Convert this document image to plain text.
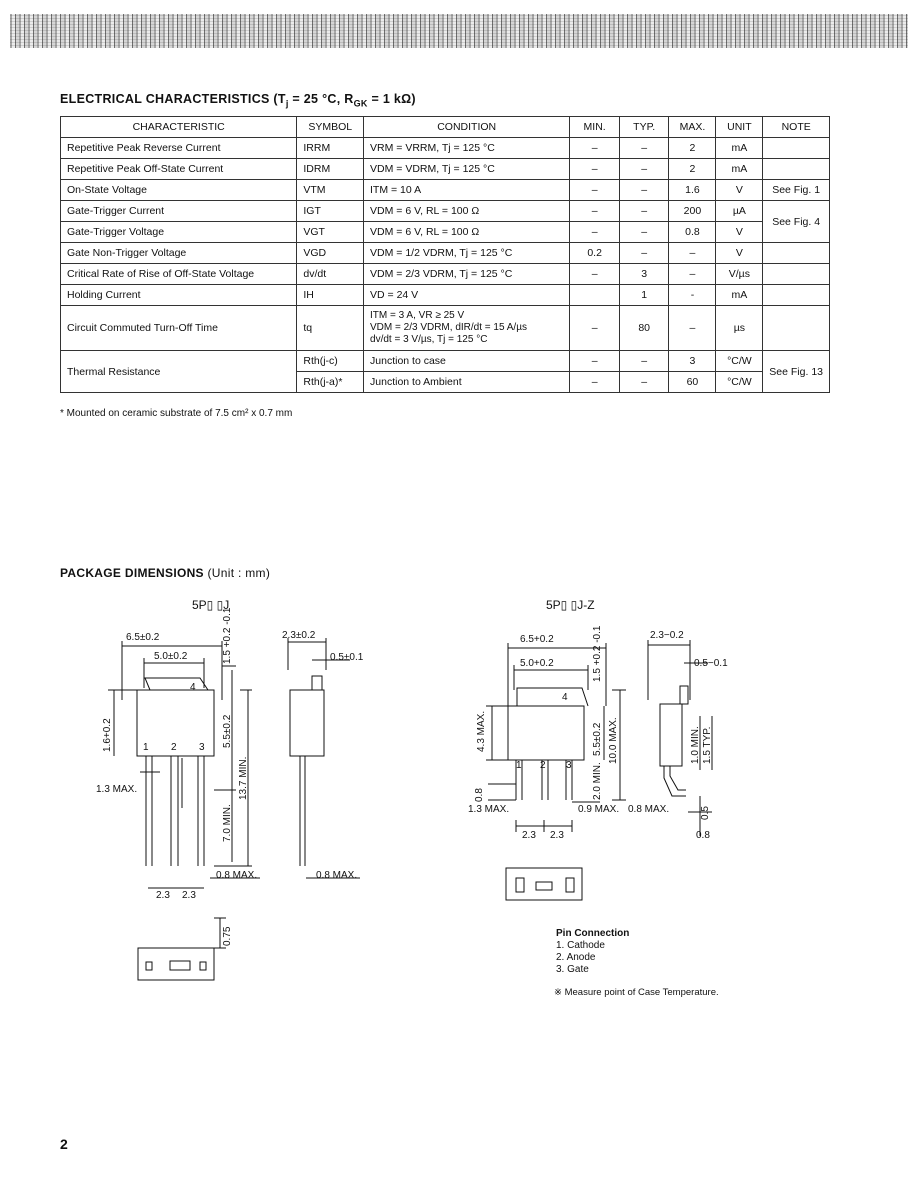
ELECTRICAL CHARACTERISTICS ($T_j = 25$ °C, $R_{GK} = 1$ kΩ)
CHARACTERISTIC	SYMBOL	CONDITION	MIN.	TYP.	MAX.	UNIT	NOTE
Repetitive Peak Reverse Current	IRRM	VRM = VRRM, Tj = 125 °C	–	–	2	mA	
Repetitive Peak Off-State Current	IDRM	VDM = VDRM, Tj = 125 °C	–	–	2	mA	
On-State Voltage	VTM	ITM = 10 A	–	–	1.6	V	See Fig. 1
Gate-Trigger Current	IGT	VDM = 6 V, RL = 100 Ω	–	–	200	µA	See Fig. 4
Gate-Trigger Voltage	VGT	VDM = 6 V, RL = 100 Ω	–	–	0.8	V	
Gate Non-Trigger Voltage	VGD	VDM = 1/2 VDRM, Tj = 125 °C	0.2	–	–	V	
Critical Rate of Rise of Off-State Voltage	dv/dt	VDM = 2/3 VDRM, Tj = 125 °C	–	3	–	V/µs	
Holding Current	IH	VD = 24 V		1	-	mA	
Circuit Commuted Turn-Off Time	tq	ITM = 3 A, VR ≥ 25 V
VDM = 2/3 VDRM, dIR/dt = 15 A/µs
dv/dt = 3 V/µs, Tj = 125 °C	–	80	–	µs	
Thermal Resistance	Rth(j-c)	Junction to case	–	–	3	°C/W	See Fig. 13
	Rth(j-a)*	Junction to Ambient	–	–	60	°C/W	
* Mounted on ceramic substrate of 7.5 cm² x 0.7 mm
PACKAGE DIMENSIONS (Unit : mm)
5P▯ ▯J	5P▯ ▯J-Z
6.5±0.2
5.0±0.2	1.5 +0.2 -0.1	2.3±0.2
0.5±0.1
1.6+0.2	5.5±0.2
13.7 MIN.
1.3 MAX.
7.0 MIN.
0.8 MAX.	0.8 MAX.
2.3 2.3
0.75
1 2 3
4
6.5+0.2
5.0+0.2	1.5 +0.2 -0.1	2.3−0.2
0.5−0.1
4.3 MAX.	5.5±0.2 10.0 MAX.
2.0 MIN.
0.8
1.3 MAX.	0.9 MAX. 0.8 MAX.
2.3 2.3
1.0 MIN. 1.5 TYP.
0.5
0.8
1 2 3
4
Pin Connection
1. Cathode
2. Anode
3. Gate
※ Measure point of Case Temperature.
2
